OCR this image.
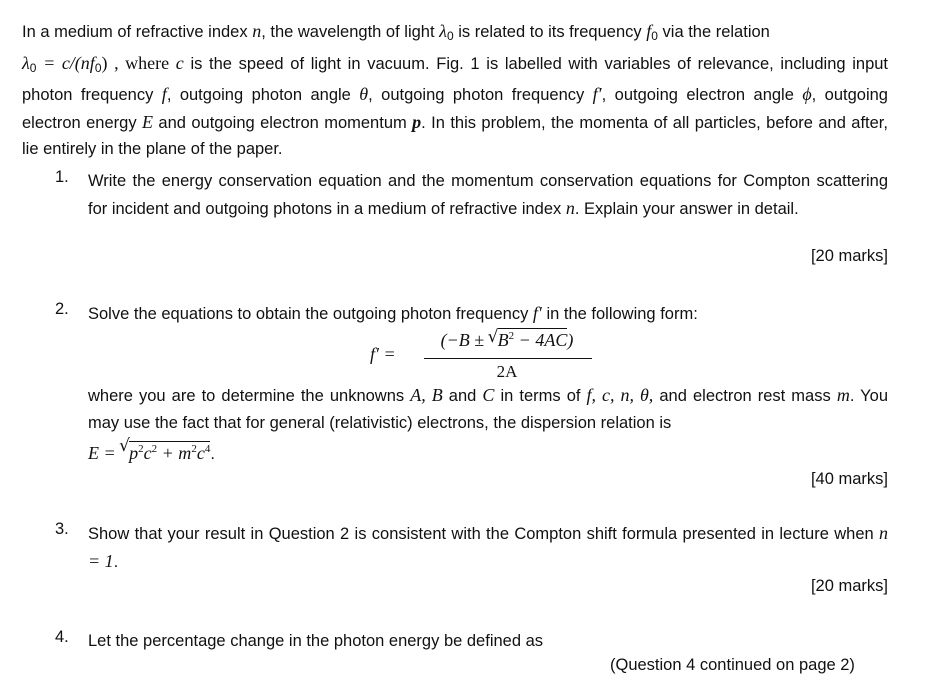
In a medium of refractive index n, the wavelength of light $\lambda_0$ is related to its frequency $f_0$ via the relation
$\lambda_0 = c/(nf_0)$ , where c is the speed of light in vacuum. Fig. 1 is labelled with variables of relevance, including input photon frequency f, outgoing photon angle θ, outgoing photon frequency f′, outgoing electron angle ϕ, outgoing electron energy E and outgoing electron momentum p. In this problem, the momenta of all particles, before and after, lie entirely in the plane of the paper.
1.	Write the energy conservation equation and the momentum conservation equations for Compton scattering for incident and outgoing photons in a medium of refractive index n. Explain your answer in detail.
[20 marks]
2.	Solve the equations to obtain the outgoing photon frequency f′ in the following form:
where you are to determine the unknowns A, B and C in terms of f, c, n, θ, and electron rest mass m. You may use the fact that for general (relativistic) electrons, the dispersion relation is
E = √ $p^2c^2 + m^2c^4$.
[40 marks]
f′ =
(−B ± √ $B^2 - 4AC$)
2A
3.	Show that your result in Question 2 is consistent with the Compton shift formula presented in lecture when n = 1.
[20 marks]
4.	Let the percentage change in the photon energy be defined as
(Question 4 continued on page 2)
